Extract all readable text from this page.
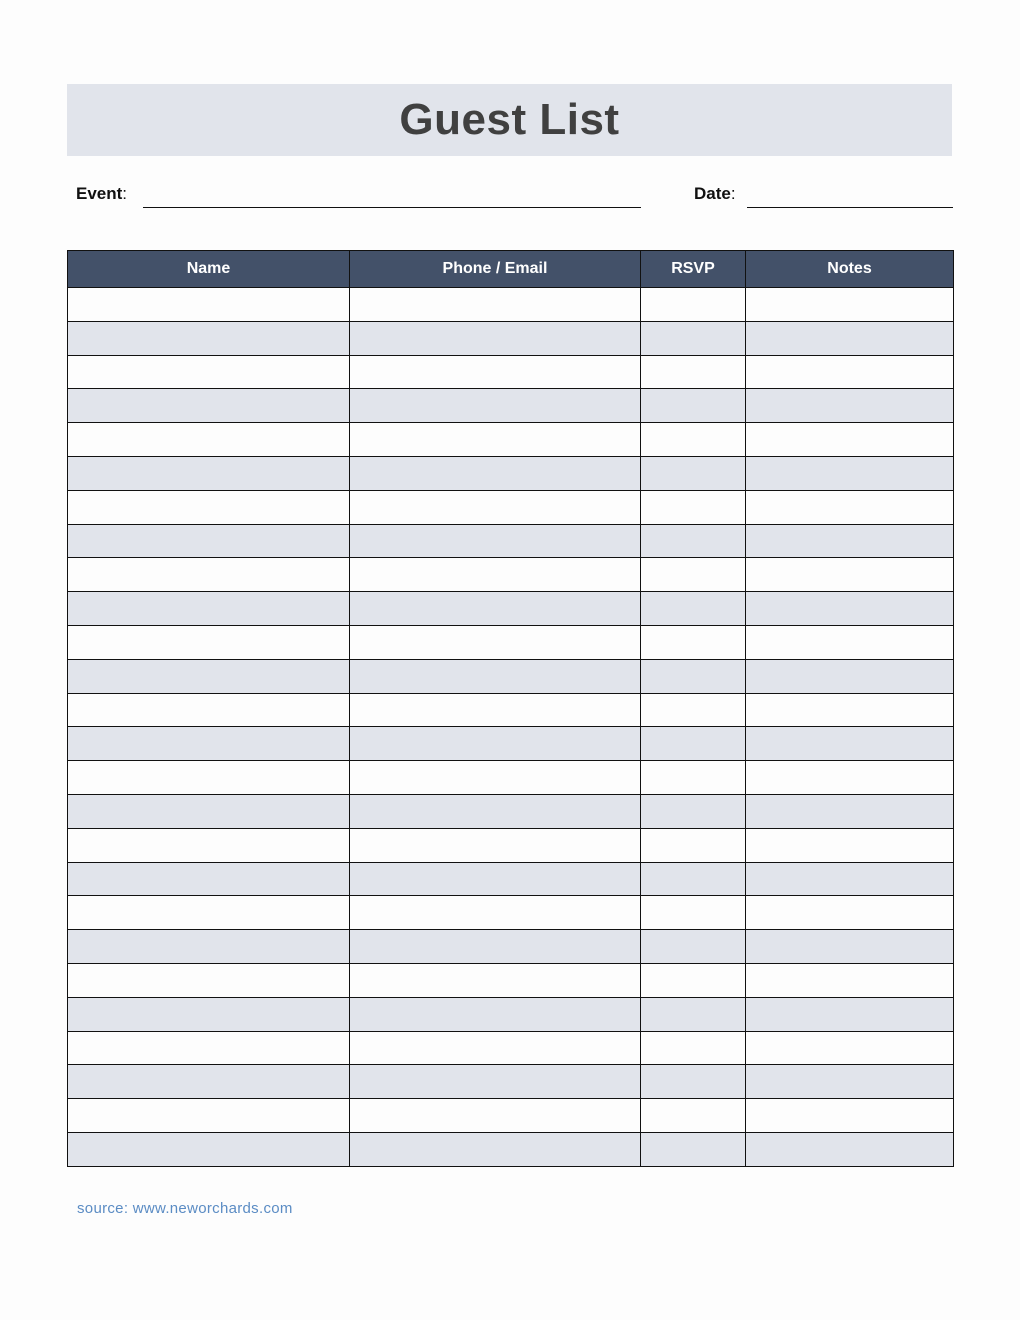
Guest List
Event:	Date:
Name	Phone / Email	RSVP	Notes

source: www.neworchards.com
